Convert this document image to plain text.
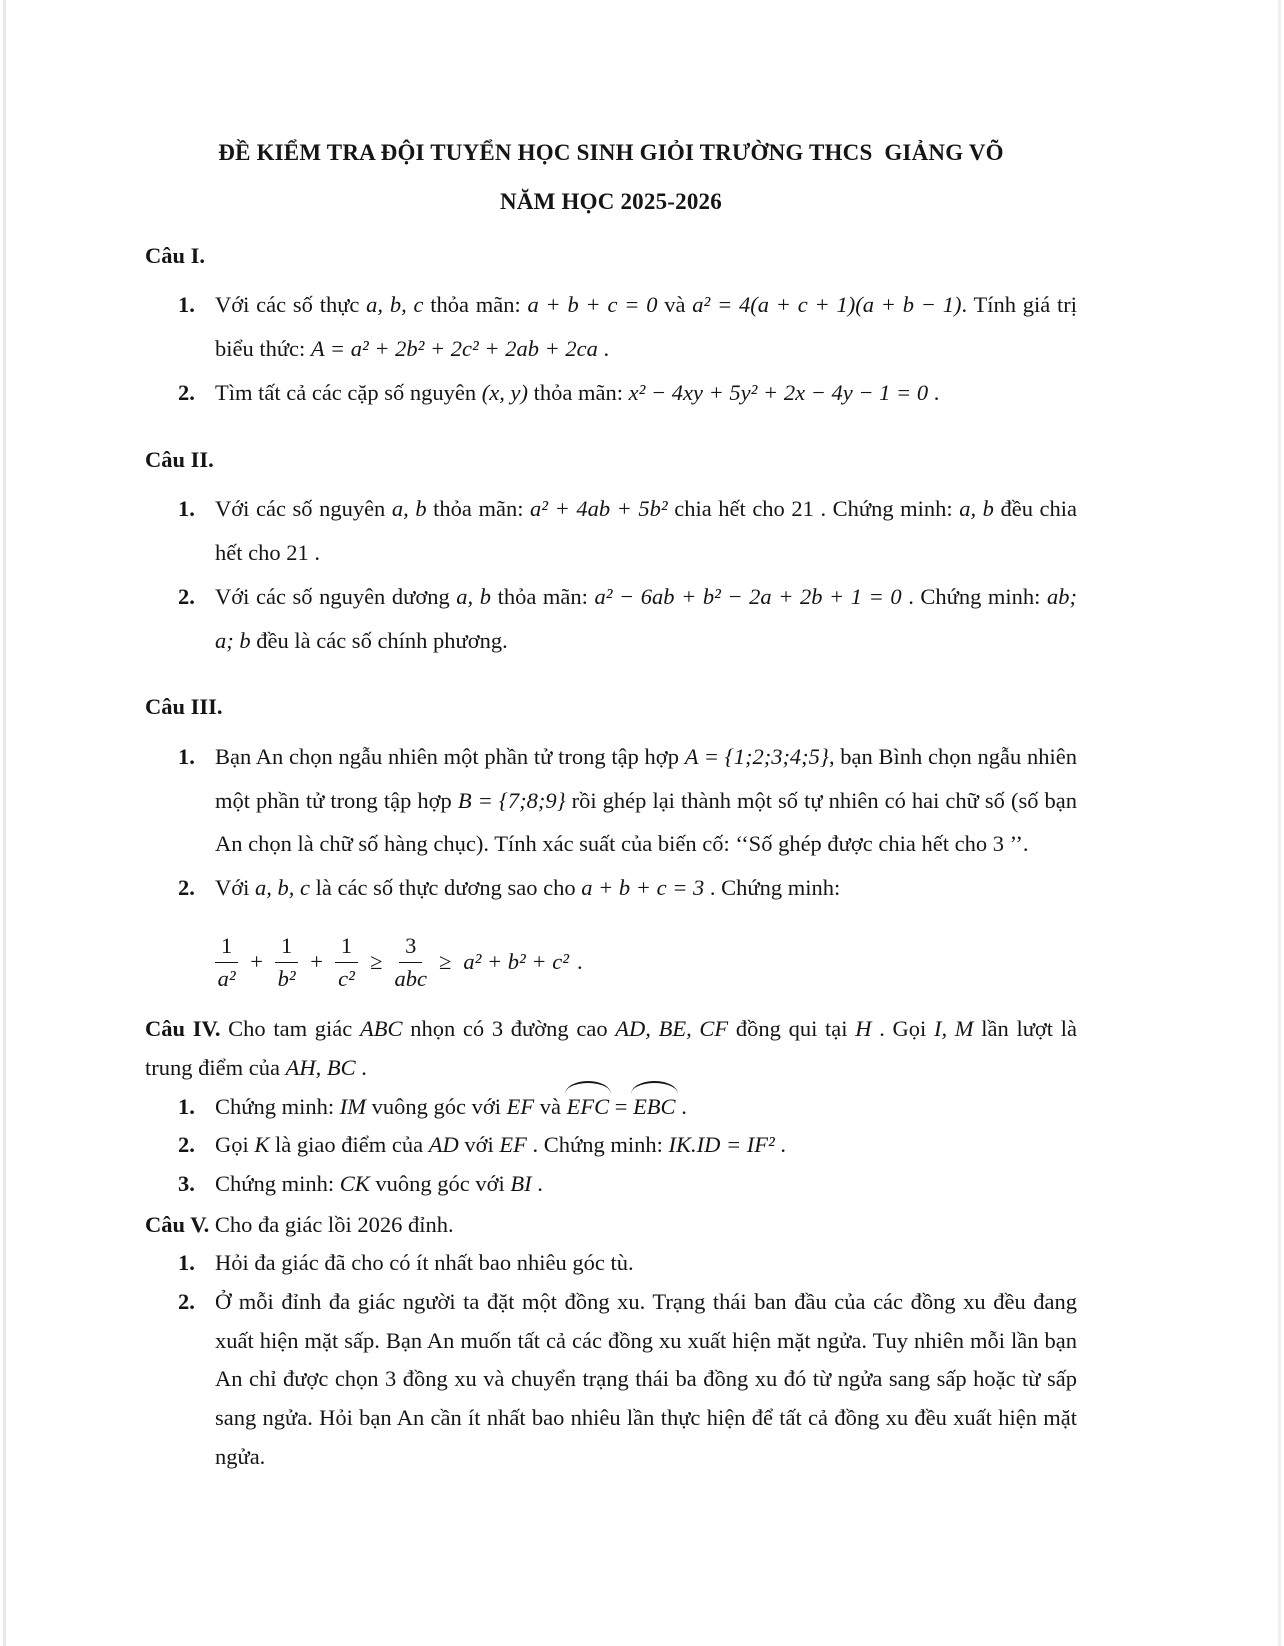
ĐỀ KIỂM TRA ĐỘI TUYỂN HỌC SINH GIỎI TRƯỜNG THCS  GIẢNG VÕ
NĂM HỌC 2025-2026
Câu I.
1. Với các số thực a, b, c thỏa mãn: a + b + c = 0 và a² = 4(a + c + 1)(a + b − 1). Tính giá trị biểu thức: A = a² + 2b² + 2c² + 2ab + 2ca .
2. Tìm tất cả các cặp số nguyên (x, y) thỏa mãn: x² − 4xy + 5y² + 2x − 4y − 1 = 0 .
Câu II.
1. Với các số nguyên a, b thỏa mãn: a² + 4ab + 5b² chia hết cho 21 . Chứng minh: a, b đều chia hết cho 21 .
2. Với các số nguyên dương a, b thỏa mãn: a² − 6ab + b² − 2a + 2b + 1 = 0 . Chứng minh: ab; a; b đều là các số chính phương.
Câu III.
1. Bạn An chọn ngẫu nhiên một phần tử trong tập hợp A = {1;2;3;4;5}, bạn Bình chọn ngẫu nhiên một phần tử trong tập hợp B = {7;8;9} rồi ghép lại thành một số tự nhiên có hai chữ số (số bạn An chọn là chữ số hàng chục). Tính xác suất của biến cố: ‘‘Số ghép được chia hết cho 3 ’’.
2. Với a, b, c là các số thực dương sao cho a + b + c = 3 . Chứng minh:
$\frac{1}{\text{a²}} + \frac{1}{\text{b²}} + \frac{1}{\text{c²}} \ge \frac{3}{\text{abc}} \ge a^2 + b^2 + c^2$ .
Câu IV. Cho tam giác ABC nhọn có 3 đường cao AD, BE, CF đồng qui tại H . Gọi I, M lần lượt là trung điểm của AH, BC .
1. Chứng minh: IM vuông góc với EF và EFC = EBC .
2. Gọi K là giao điểm của AD với EF . Chứng minh: IK.ID = IF² .
3. Chứng minh: CK vuông góc với BI .
Câu V. Cho đa giác lồi 2026 đỉnh.
1. Hỏi đa giác đã cho có ít nhất bao nhiêu góc tù.
2. Ở mỗi đỉnh đa giác người ta đặt một đồng xu. Trạng thái ban đầu của các đồng xu đều đang xuất hiện mặt sấp. Bạn An muốn tất cả các đồng xu xuất hiện mặt ngửa. Tuy nhiên mỗi lần bạn An chỉ được chọn 3 đồng xu và chuyển trạng thái ba đồng xu đó từ ngửa sang sấp hoặc từ sấp sang ngửa. Hỏi bạn An cần ít nhất bao nhiêu lần thực hiện để tất cả đồng xu đều xuất hiện mặt ngửa.
